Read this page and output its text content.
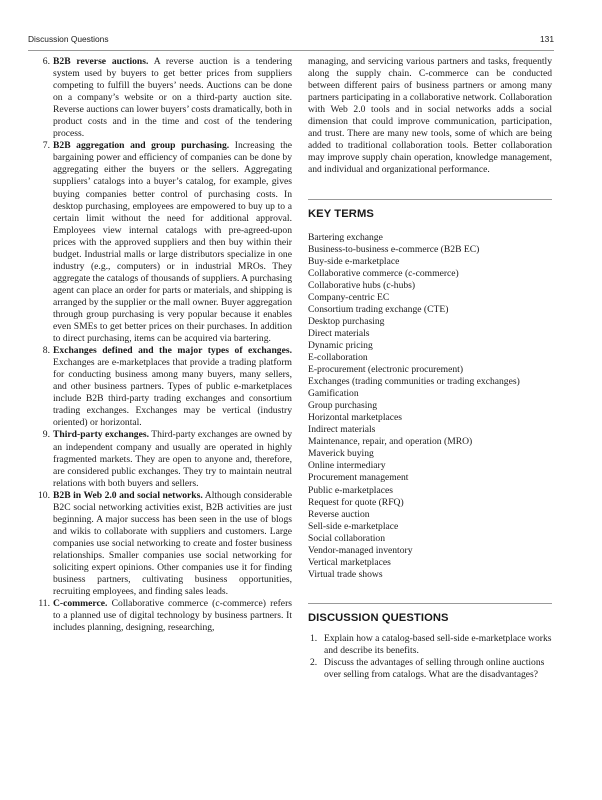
Discussion Questions	131

6. B2B reverse auctions. A reverse auction is a tendering system used by buyers to get better prices from suppliers competing to fulfill the buyers’ needs. Auctions can be done on a company’s website or on a third-party auction site. Reverse auctions can lower buyers’ costs dramatically, both in product costs and in the time and cost of the tendering process.

7. B2B aggregation and group purchasing. Increasing the bargaining power and efficiency of companies can be done by aggregating either the buyers or the sellers. Aggregating suppliers’ catalogs into a buyer’s catalog, for example, gives buying companies better control of purchasing costs. In desktop purchasing, employees are empowered to buy up to a certain limit without the need for additional approval. Employees view internal catalogs with pre-agreed-upon prices with the approved suppliers and then buy within their budget. Industrial malls or large distributors specialize in one industry (e.g., computers) or in industrial MROs. They aggregate the catalogs of thousands of suppliers. A purchasing agent can place an order for parts or materials, and shipping is arranged by the supplier or the mall owner. Buyer aggregation through group purchasing is very popular because it enables even SMEs to get better prices on their purchases. In addition to direct purchasing, items can be acquired via bartering.

8. Exchanges defined and the major types of exchanges. Exchanges are e-marketplaces that provide a trading platform for conducting business among many buyers, many sellers, and other business partners. Types of public e-marketplaces include B2B third-party trading exchanges and consortium trading exchanges. Exchanges may be vertical (industry oriented) or horizontal.

9. Third-party exchanges. Third-party exchanges are owned by an independent company and usually are operated in highly fragmented markets. They are open to anyone and, therefore, are considered public exchanges. They try to maintain neutral relations with both buyers and sellers.

10. B2B in Web 2.0 and social networks. Although considerable B2C social networking activities exist, B2B activities are just beginning. A major success has been seen in the use of blogs and wikis to collaborate with suppliers and customers. Large companies use social networking to create and foster business relationships. Smaller companies use social networking for soliciting expert opinions. Other companies use it for finding business partners, cultivating business opportunities, recruiting employees, and finding sales leads.

11. C-commerce. Collaborative commerce (c-commerce) refers to a planned use of digital technology by business partners. It includes planning, designing, researching,

managing, and servicing various partners and tasks, frequently along the supply chain. C-commerce can be conducted between different pairs of business partners or among many partners participating in a collaborative network. Collaboration with Web 2.0 tools and in social networks adds a social dimension that could improve communication, participation, and trust. There are many new tools, some of which are being added to traditional collaboration tools. Better collaboration may improve supply chain operation, knowledge management, and individual and organizational performance.

KEY TERMS
Bartering exchange
Business-to-business e-commerce (B2B EC)
Buy-side e-marketplace
Collaborative commerce (c-commerce)
Collaborative hubs (c-hubs)
Company-centric EC
Consortium trading exchange (CTE)
Desktop purchasing
Direct materials
Dynamic pricing
E-collaboration
E-procurement (electronic procurement)
Exchanges (trading communities or trading exchanges)
Gamification
Group purchasing
Horizontal marketplaces
Indirect materials
Maintenance, repair, and operation (MRO)
Maverick buying
Online intermediary
Procurement management
Public e-marketplaces
Request for quote (RFQ)
Reverse auction
Sell-side e-marketplace
Social collaboration
Vendor-managed inventory
Vertical marketplaces
Virtual trade shows
DISCUSSION QUESTIONS
1. Explain how a catalog-based sell-side e-marketplace works and describe its benefits.
2. Discuss the advantages of selling through online auctions over selling from catalogs. What are the disadvantages?
